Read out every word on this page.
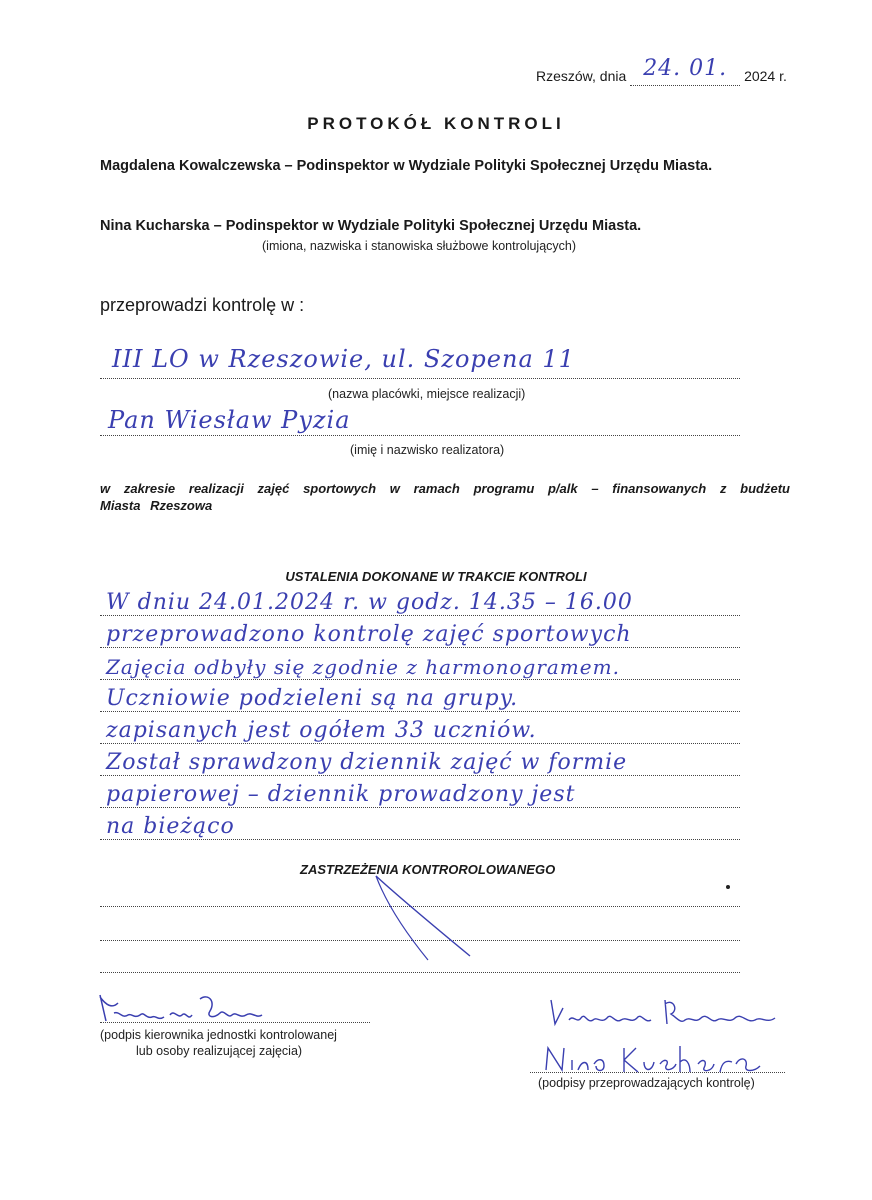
Rzeszów, dnia 24. 01. 2024 r.
PROTOKÓŁ KONTROLI
Magdalena Kowalczewska – Podinspektor w Wydziale Polityki Społecznej Urzędu Miasta.
Nina Kucharska – Podinspektor w Wydziale Polityki Społecznej Urzędu Miasta.
(imiona, nazwiska i stanowiska służbowe kontrolujących)
przeprowadzi kontrolę w :
III LO w Rzeszowie, ul. Szopena 11
(nazwa placówki, miejsce realizacji)
Pan Wiesław Pyzia
(imię i nazwisko realizatora)
w zakresie realizacji zajęć sportowych w ramach programu p/alk – finansowanych z budżetu Miasta Rzeszowa
USTALENIA DOKONANE W TRAKCIE KONTROLI
W dniu 24.01.2024 r. w godz. 14.35 – 16.00
przeprowadzono kontrolę zajęć sportowych
Zajęcia odbyły się zgodnie z harmonogramem.
Uczniowie podzieleni są na grupy.
zapisanych jest ogółem 33 uczniów.
Został sprawdzony dziennik zajęć w formie
papierowej – dziennik prowadzony jest
na bieżąco
ZASTRZEŻENIA KONTROROLOWANEGO
(podpis kierownika jednostki kontrolowanej
lub osoby realizującej zajęcia)
(podpisy przeprowadzających kontrolę)
